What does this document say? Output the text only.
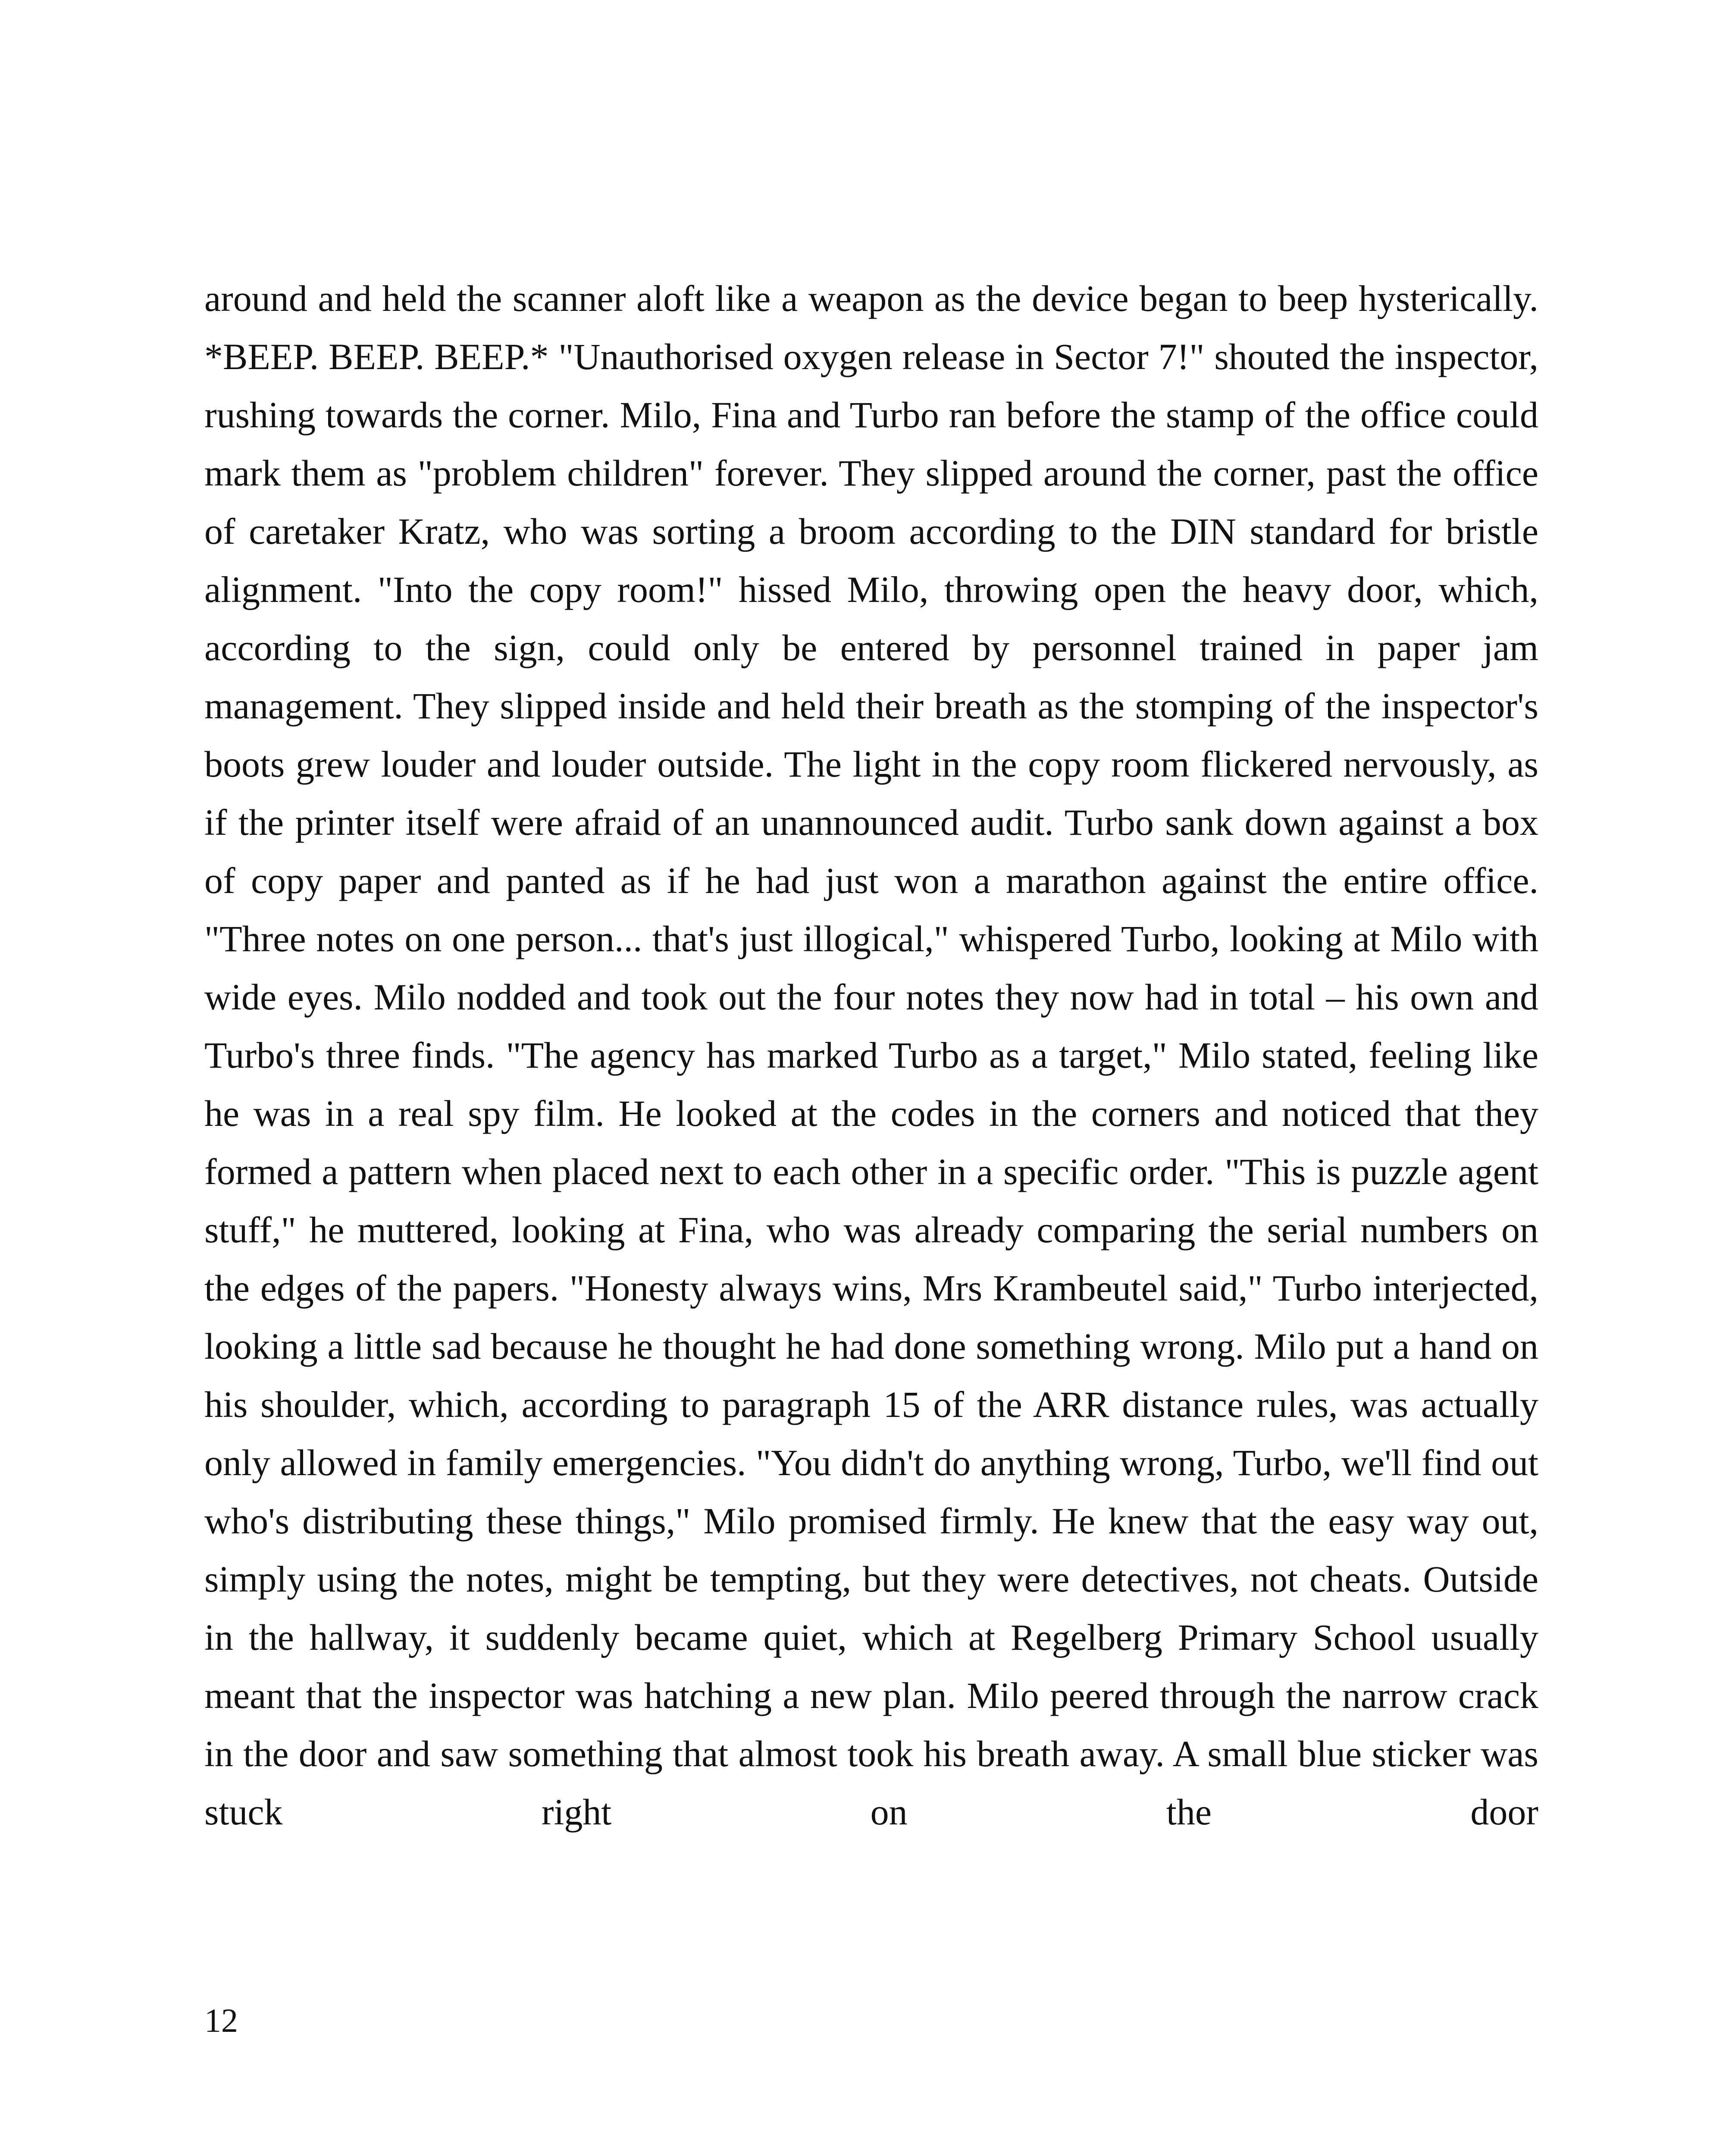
around and held the scanner aloft like a weapon as the device began to beep hysterically. *BEEP. BEEP. BEEP.* "Unauthorised oxygen release in Sector 7!" shouted the inspector, rushing towards the corner. Milo, Fina and Turbo ran before the stamp of the office could mark them as "problem children" forever. They slipped around the corner, past the office of caretaker Kratz, who was sorting a broom according to the DIN standard for bristle alignment. "Into the copy room!" hissed Milo, throwing open the heavy door, which, according to the sign, could only be entered by personnel trained in paper jam management. They slipped inside and held their breath as the stomping of the inspector's boots grew louder and louder outside. The light in the copy room flickered nervously, as if the printer itself were afraid of an unannounced audit. Turbo sank down against a box of copy paper and panted as if he had just won a marathon against the entire office. "Three notes on one person... that's just illogical," whispered Turbo, looking at Milo with wide eyes. Milo nodded and took out the four notes they now had in total – his own and Turbo's three finds. "The agency has marked Turbo as a target," Milo stated, feeling like he was in a real spy film. He looked at the codes in the corners and noticed that they formed a pattern when placed next to each other in a specific order. "This is puzzle agent stuff," he muttered, looking at Fina, who was already comparing the serial numbers on the edges of the papers. "Honesty always wins, Mrs Krambeutel said," Turbo interjected, looking a little sad because he thought he had done something wrong. Milo put a hand on his shoulder, which, according to paragraph 15 of the ARR distance rules, was actually only allowed in family emergencies. "You didn't do anything wrong, Turbo, we'll find out who's distributing these things," Milo promised firmly. He knew that the easy way out, simply using the notes, might be tempting, but they were detectives, not cheats. Outside in the hallway, it suddenly became quiet, which at Regelberg Primary School usually meant that the inspector was hatching a new plan. Milo peered through the narrow crack in the door and saw something that almost took his breath away. A small blue sticker was stuck right on the door

12
